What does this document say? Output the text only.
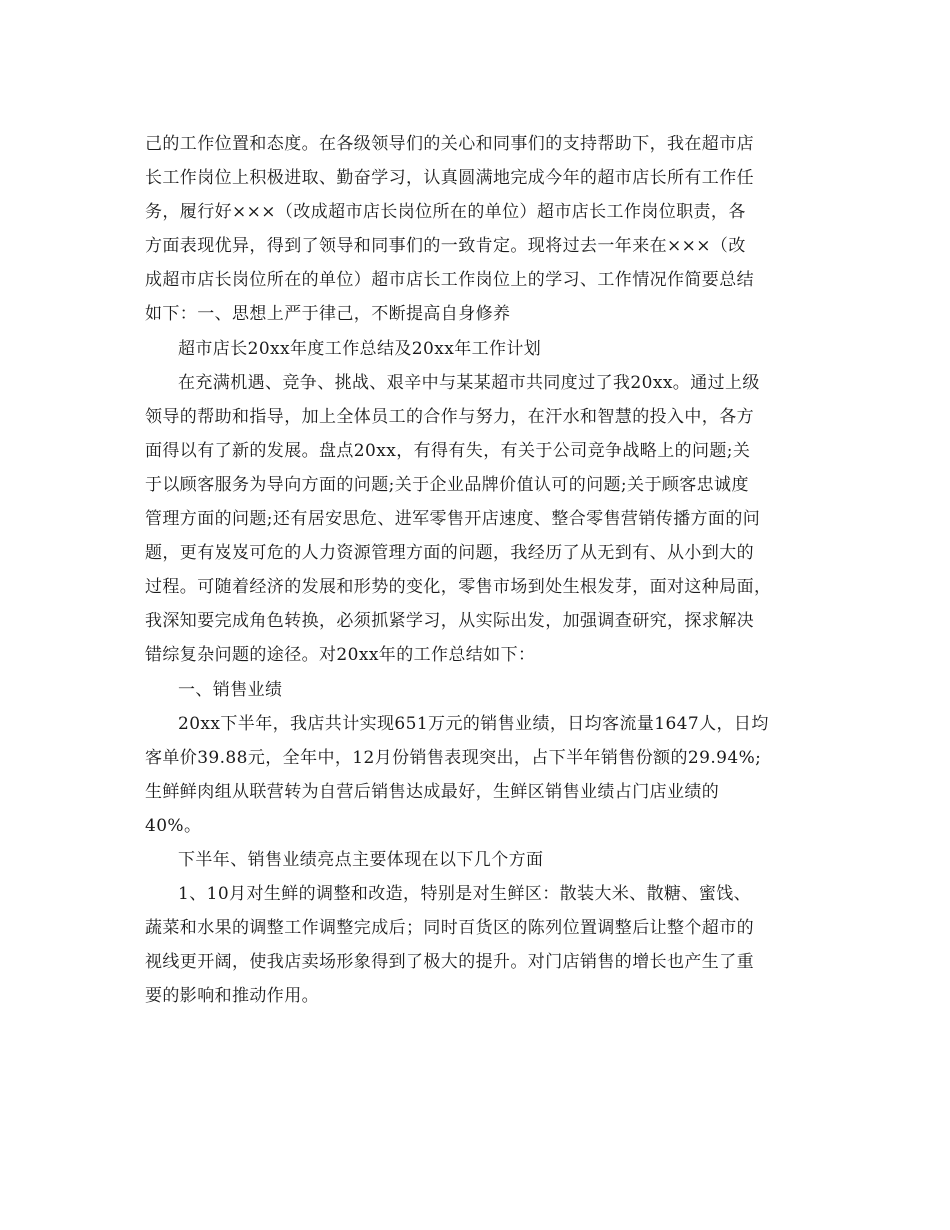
己的工作位置和态度。在各级领导们的关心和同事们的支持帮助下，我在超市店
长工作岗位上积极进取、勤奋学习，认真圆满地完成今年的超市店长所有工作任
务，履行好×××（改成超市店长岗位所在的单位）超市店长工作岗位职责，各
方面表现优异，得到了领导和同事们的一致肯定。现将过去一年来在×××（改
成超市店长岗位所在的单位）超市店长工作岗位上的学习、工作情况作简要总结
如下：一、思想上严于律己，不断提高自身修养
超市店长20xx年度工作总结及20xx年工作计划
在充满机遇、竞争、挑战、艰辛中与某某超市共同度过了我20xx。通过上级
领导的帮助和指导，加上全体员工的合作与努力，在汗水和智慧的投入中，各方
面得以有了新的发展。盘点20xx，有得有失，有关于公司竞争战略上的问题;关
于以顾客服务为导向方面的问题;关于企业品牌价值认可的问题;关于顾客忠诚度
管理方面的问题;还有居安思危、进军零售开店速度、整合零售营销传播方面的问
题，更有岌岌可危的人力资源管理方面的问题，我经历了从无到有、从小到大的
过程。可随着经济的发展和形势的变化，零售市场到处生根发芽，面对这种局面，
我深知要完成角色转换，必须抓紧学习，从实际出发，加强调查研究，探求解决
错综复杂问题的途径。对20xx年的工作总结如下：
一、销售业绩
20xx下半年，我店共计实现651万元的销售业绩，日均客流量1647人，日均
客单价39.88元，全年中，12月份销售表现突出，占下半年销售份额的29.94%;
生鲜鲜肉组从联营转为自营后销售达成最好，生鲜区销售业绩占门店业绩的
40%。
下半年、销售业绩亮点主要体现在以下几个方面
1、10月对生鲜的调整和改造，特别是对生鲜区：散装大米、散糖、蜜饯、
蔬菜和水果的调整工作调整完成后；同时百货区的陈列位置调整后让整个超市的
视线更开阔，使我店卖场形象得到了极大的提升。对门店销售的增长也产生了重
要的影响和推动作用。
